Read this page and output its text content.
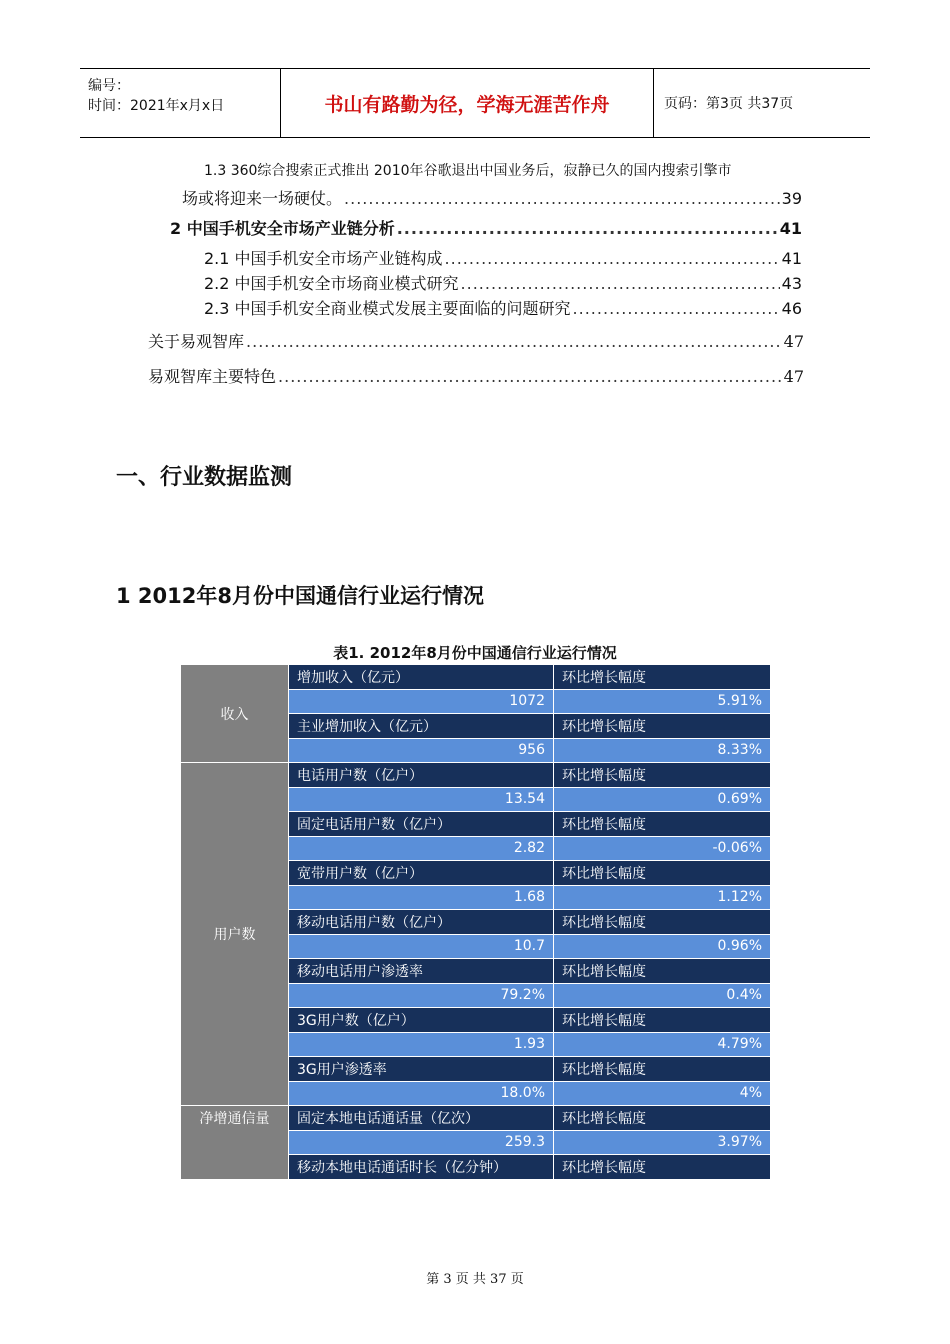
编号：
时间：2021年x月x日	书山有路勤为径，学海无涯苦作舟	页码：第3页 共37页
1.3 360综合搜索正式推出 2010年谷歌退出中国业务后，寂静已久的国内搜索引擎市
场或将迎来一场硬仗。 .....	39
2 中国手机安全市场产业链分析 .....	41
2.1 中国手机安全市场产业链构成 .....	41
2.2 中国手机安全市场商业模式研究 .....	43
2.3 中国手机安全商业模式发展主要面临的问题研究 .....	46
关于易观智库 .....	47
易观智库主要特色 .....	47
一、行业数据监测
1 2012年8月份中国通信行业运行情况
表1. 2012年8月份中国通信行业运行情况
收入	增加收入（亿元）	环比增长幅度
	1072	5.91%
	主业增加收入（亿元）	环比增长幅度
	956	8.33%
用户数	电话用户数（亿户）	环比增长幅度
	13.54	0.69%
	固定电话用户数（亿户）	环比增长幅度
	2.82	-0.06%
	宽带用户数（亿户）	环比增长幅度
	1.68	1.12%
	移动电话用户数（亿户）	环比增长幅度
	10.7	0.96%
	移动电话用户渗透率	环比增长幅度
	79.2%	0.4%
	3G用户数（亿户）	环比增长幅度
	1.93	4.79%
	3G用户渗透率	环比增长幅度
	18.0%	4%
净增通信量	固定本地电话通话量（亿次）	环比增长幅度
	259.3	3.97%
	移动本地电话通话时长（亿分钟）	环比增长幅度
第 3 页 共 37 页
